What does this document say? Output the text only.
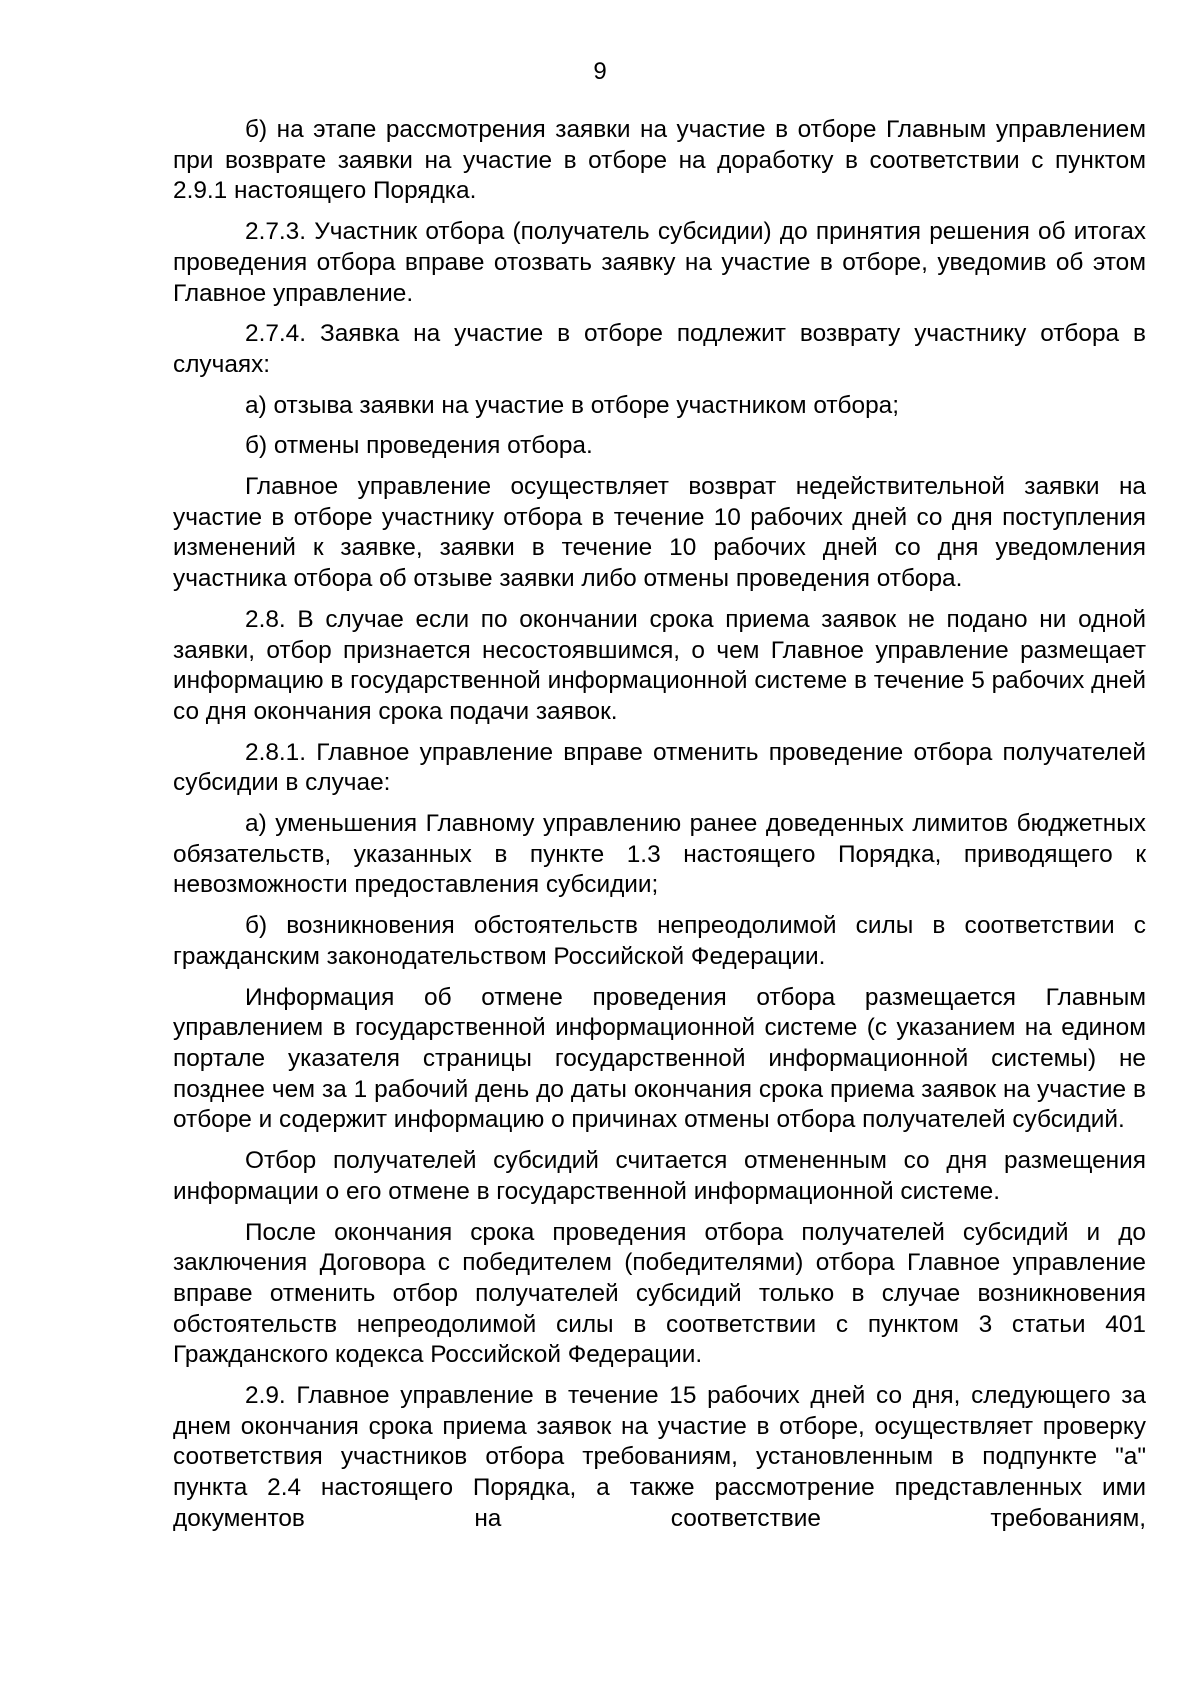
9

б) на этапе рассмотрения заявки на участие в отборе Главным управлением при возврате заявки на участие в отборе на доработку в соответствии с пунктом 2.9.1 настоящего Порядка.

2.7.3. Участник отбора (получатель субсидии) до принятия решения об итогах проведения отбора вправе отозвать заявку на участие в отборе, уведомив об этом Главное управление.

2.7.4. Заявка на участие в отборе подлежит возврату участнику отбора в случаях:

а) отзыва заявки на участие в отборе участником отбора;

б) отмены проведения отбора.

Главное управление осуществляет возврат недействительной заявки на участие в отборе участнику отбора в течение 10 рабочих дней со дня поступления изменений к заявке, заявки в течение 10 рабочих дней со дня уведомления участника отбора об отзыве заявки либо отмены проведения отбора.

2.8. В случае если по окончании срока приема заявок не подано ни одной заявки, отбор признается несостоявшимся, о чем Главное управление размещает информацию в государственной информационной системе в течение 5 рабочих дней со дня окончания срока подачи заявок.

2.8.1. Главное управление вправе отменить проведение отбора получателей субсидии в случае:

а) уменьшения Главному управлению ранее доведенных лимитов бюджетных обязательств, указанных в пункте 1.3 настоящего Порядка, приводящего к невозможности предоставления субсидии;

б) возникновения обстоятельств непреодолимой силы в соответствии с гражданским законодательством Российской Федерации.

Информация об отмене проведения отбора размещается Главным управлением в государственной информационной системе (с указанием на едином портале указателя страницы государственной информационной системы) не позднее чем за 1 рабочий день до даты окончания срока приема заявок на участие в отборе и содержит информацию о причинах отмены отбора получателей субсидий.

Отбор получателей субсидий считается отмененным со дня размещения информации о его отмене в государственной информационной системе.

После окончания срока проведения отбора получателей субсидий и до заключения Договора с победителем (победителями) отбора Главное управление вправе отменить отбор получателей субсидий только в случае возникновения обстоятельств непреодолимой силы в соответствии с пунктом 3 статьи 401 Гражданского кодекса Российской Федерации.

2.9. Главное управление в течение 15 рабочих дней со дня, следующего за днем окончания срока приема заявок на участие в отборе, осуществляет проверку соответствия участников отбора требованиям, установленным в подпункте "а" пункта 2.4 настоящего Порядка, а также рассмотрение представленных ими документов на соответствие требованиям,
